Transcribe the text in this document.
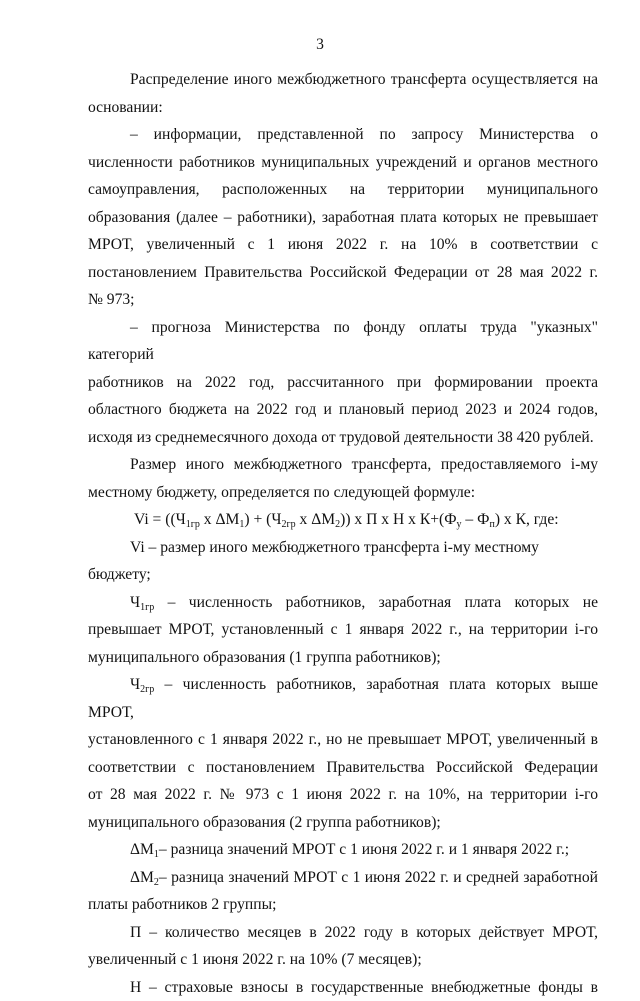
3

Распределение иного межбюджетного трансферта осуществляется на

основании:

– информации, представленной по запросу Министерства о

численности работников муниципальных учреждений и органов местного

самоуправления, расположенных на территории муниципального

образования (далее – работники), заработная плата которых не превышает

МРОТ, увеличенный с 1 июня 2022 г. на 10% в соответствии с

постановлением Правительства Российской Федерации от 28 мая 2022 г.

№ 973;

– прогноза Министерства по фонду оплаты труда "указных" категорий

работников на 2022 год, рассчитанного при формировании проекта

областного бюджета на 2022 год и плановый период 2023 и 2024 годов,

исходя из среднемесячного дохода от трудовой деятельности 38 420 рублей.

Размер иного межбюджетного трансферта, предоставляемого i-му

местному бюджету, определяется по следующей формуле:

$Vi = ((Ч_{1гр}$ х $\Delta М_1) + (Ч_{2гр}$ х $\Delta М_2$)) х П х Н х $К+(Ф_у - Ф_п)$ х К, где:

Vi – размер иного межбюджетного трансферта i-му местному бюджету;

$Ч_{1гр}$ – численность работников, заработная плата которых не

превышает МРОТ, установленный с 1 января 2022 г., на территории i-го

муниципального образования (1 группа работников);

$Ч_{2гр}$ – численность работников, заработная плата которых выше МРОТ,

установленного с 1 января 2022 г., но не превышает МРОТ, увеличенный в

соответствии с постановлением Правительства Российской Федерации

от 28 мая 2022 г. № 973 с 1 июня 2022 г. на 10%, на территории i-го

муниципального образования (2 группа работников);

$\Delta М_1-$ разница значений МРОТ с 1 июня 2022 г. и 1 января 2022 г.;

$\Delta М_2-$ разница значений МРОТ с 1 июня 2022 г. и средней заработной

платы работников 2 группы;

П – количество месяцев в 2022 году в которых действует МРОТ,

увеличенный с 1 июня 2022 г. на 10% (7 месяцев);

Н – страховые взносы в государственные внебюджетные фонды в
